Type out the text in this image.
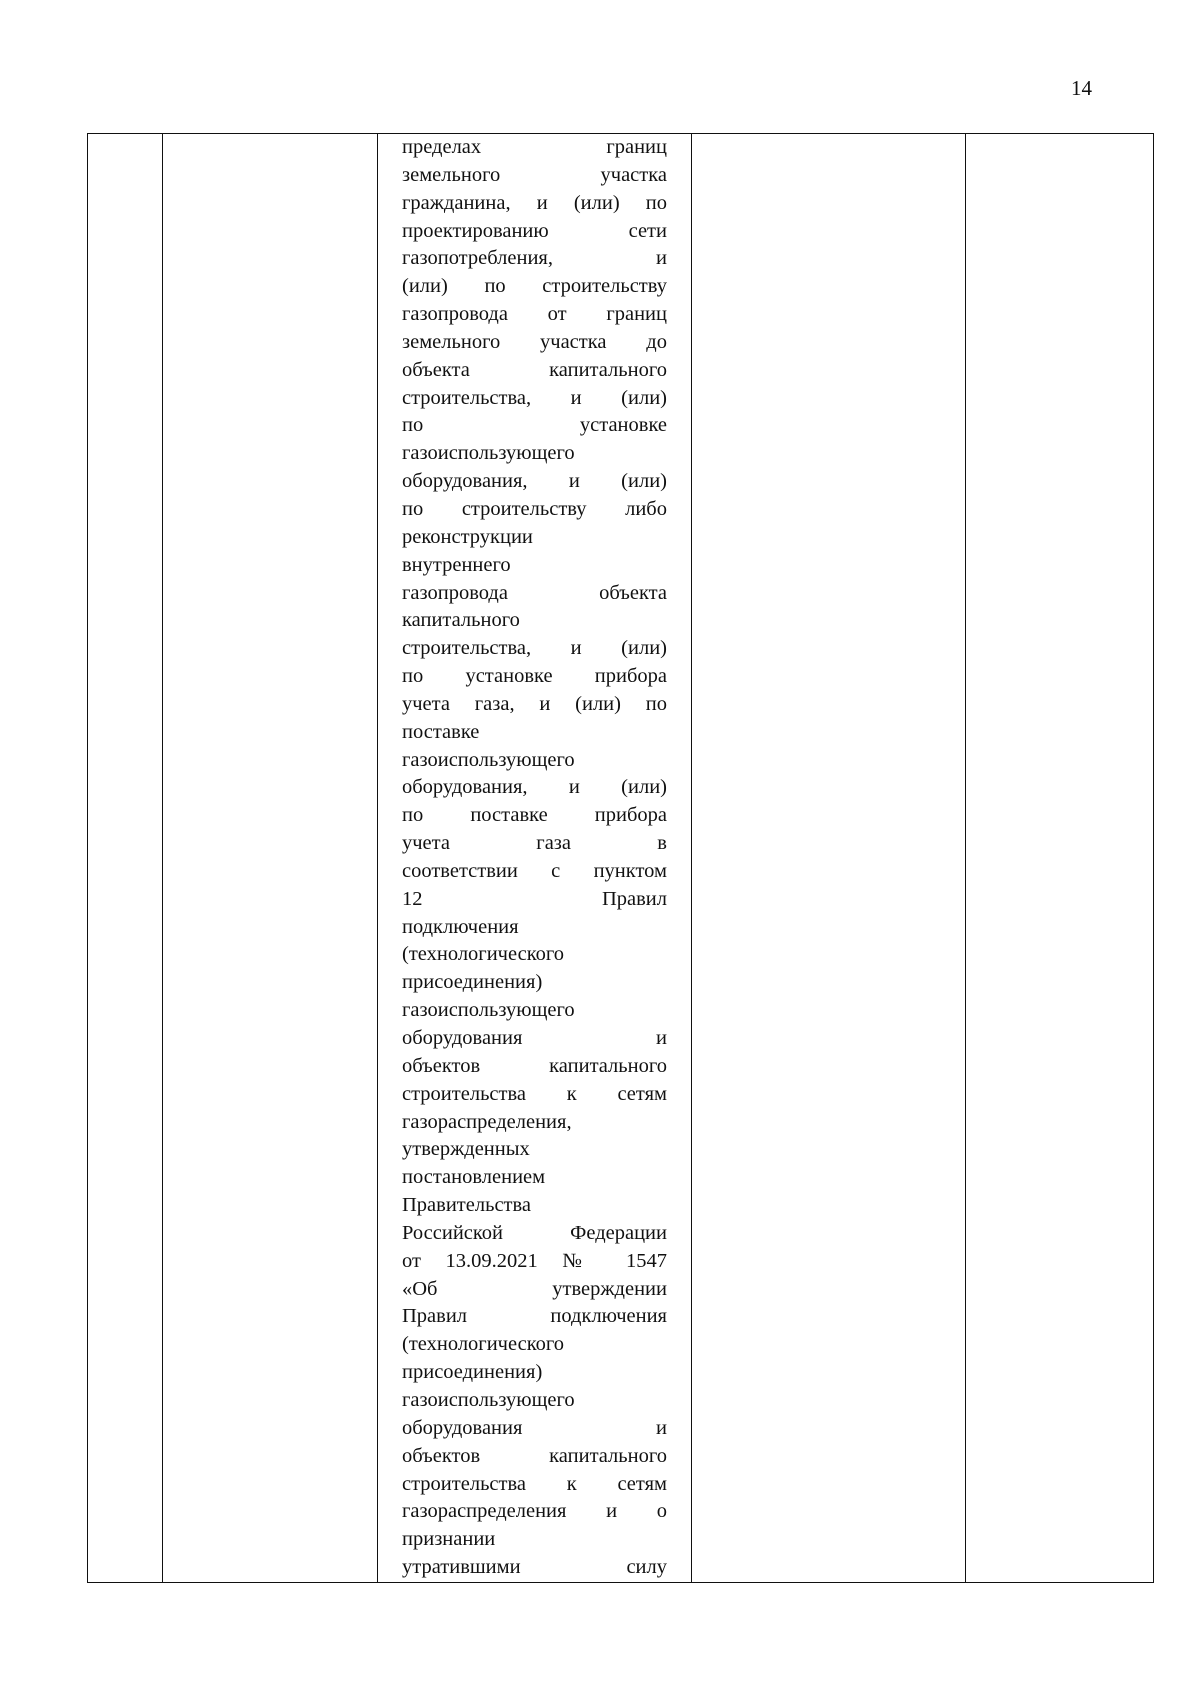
14

пределах границ
земельного участка
гражданина, и (или) по
проектированию сети
газопотребления, и
(или) по строительству
газопровода от границ
земельного участка до
объекта капитального
строительства, и (или)
по установке
газоиспользующего
оборудования, и (или)
по строительству либо
реконструкции
внутреннего
газопровода объекта
капитального
строительства, и (или)
по установке прибора
учета газа, и (или) по
поставке
газоиспользующего
оборудования, и (или)
по поставке прибора
учета газа в
соответствии с пунктом
12 Правил
подключения
(технологического
присоединения)
газоиспользующего
оборудования и
объектов капитального
строительства к сетям
газораспределения,
утвержденных
постановлением
Правительства
Российской Федерации
от 13.09.2021 № 1547
«Об утверждении
Правил подключения
(технологического
присоединения)
газоиспользующего
оборудования и
объектов капитального
строительства к сетям
газораспределения и о
признании
утратившими силу
